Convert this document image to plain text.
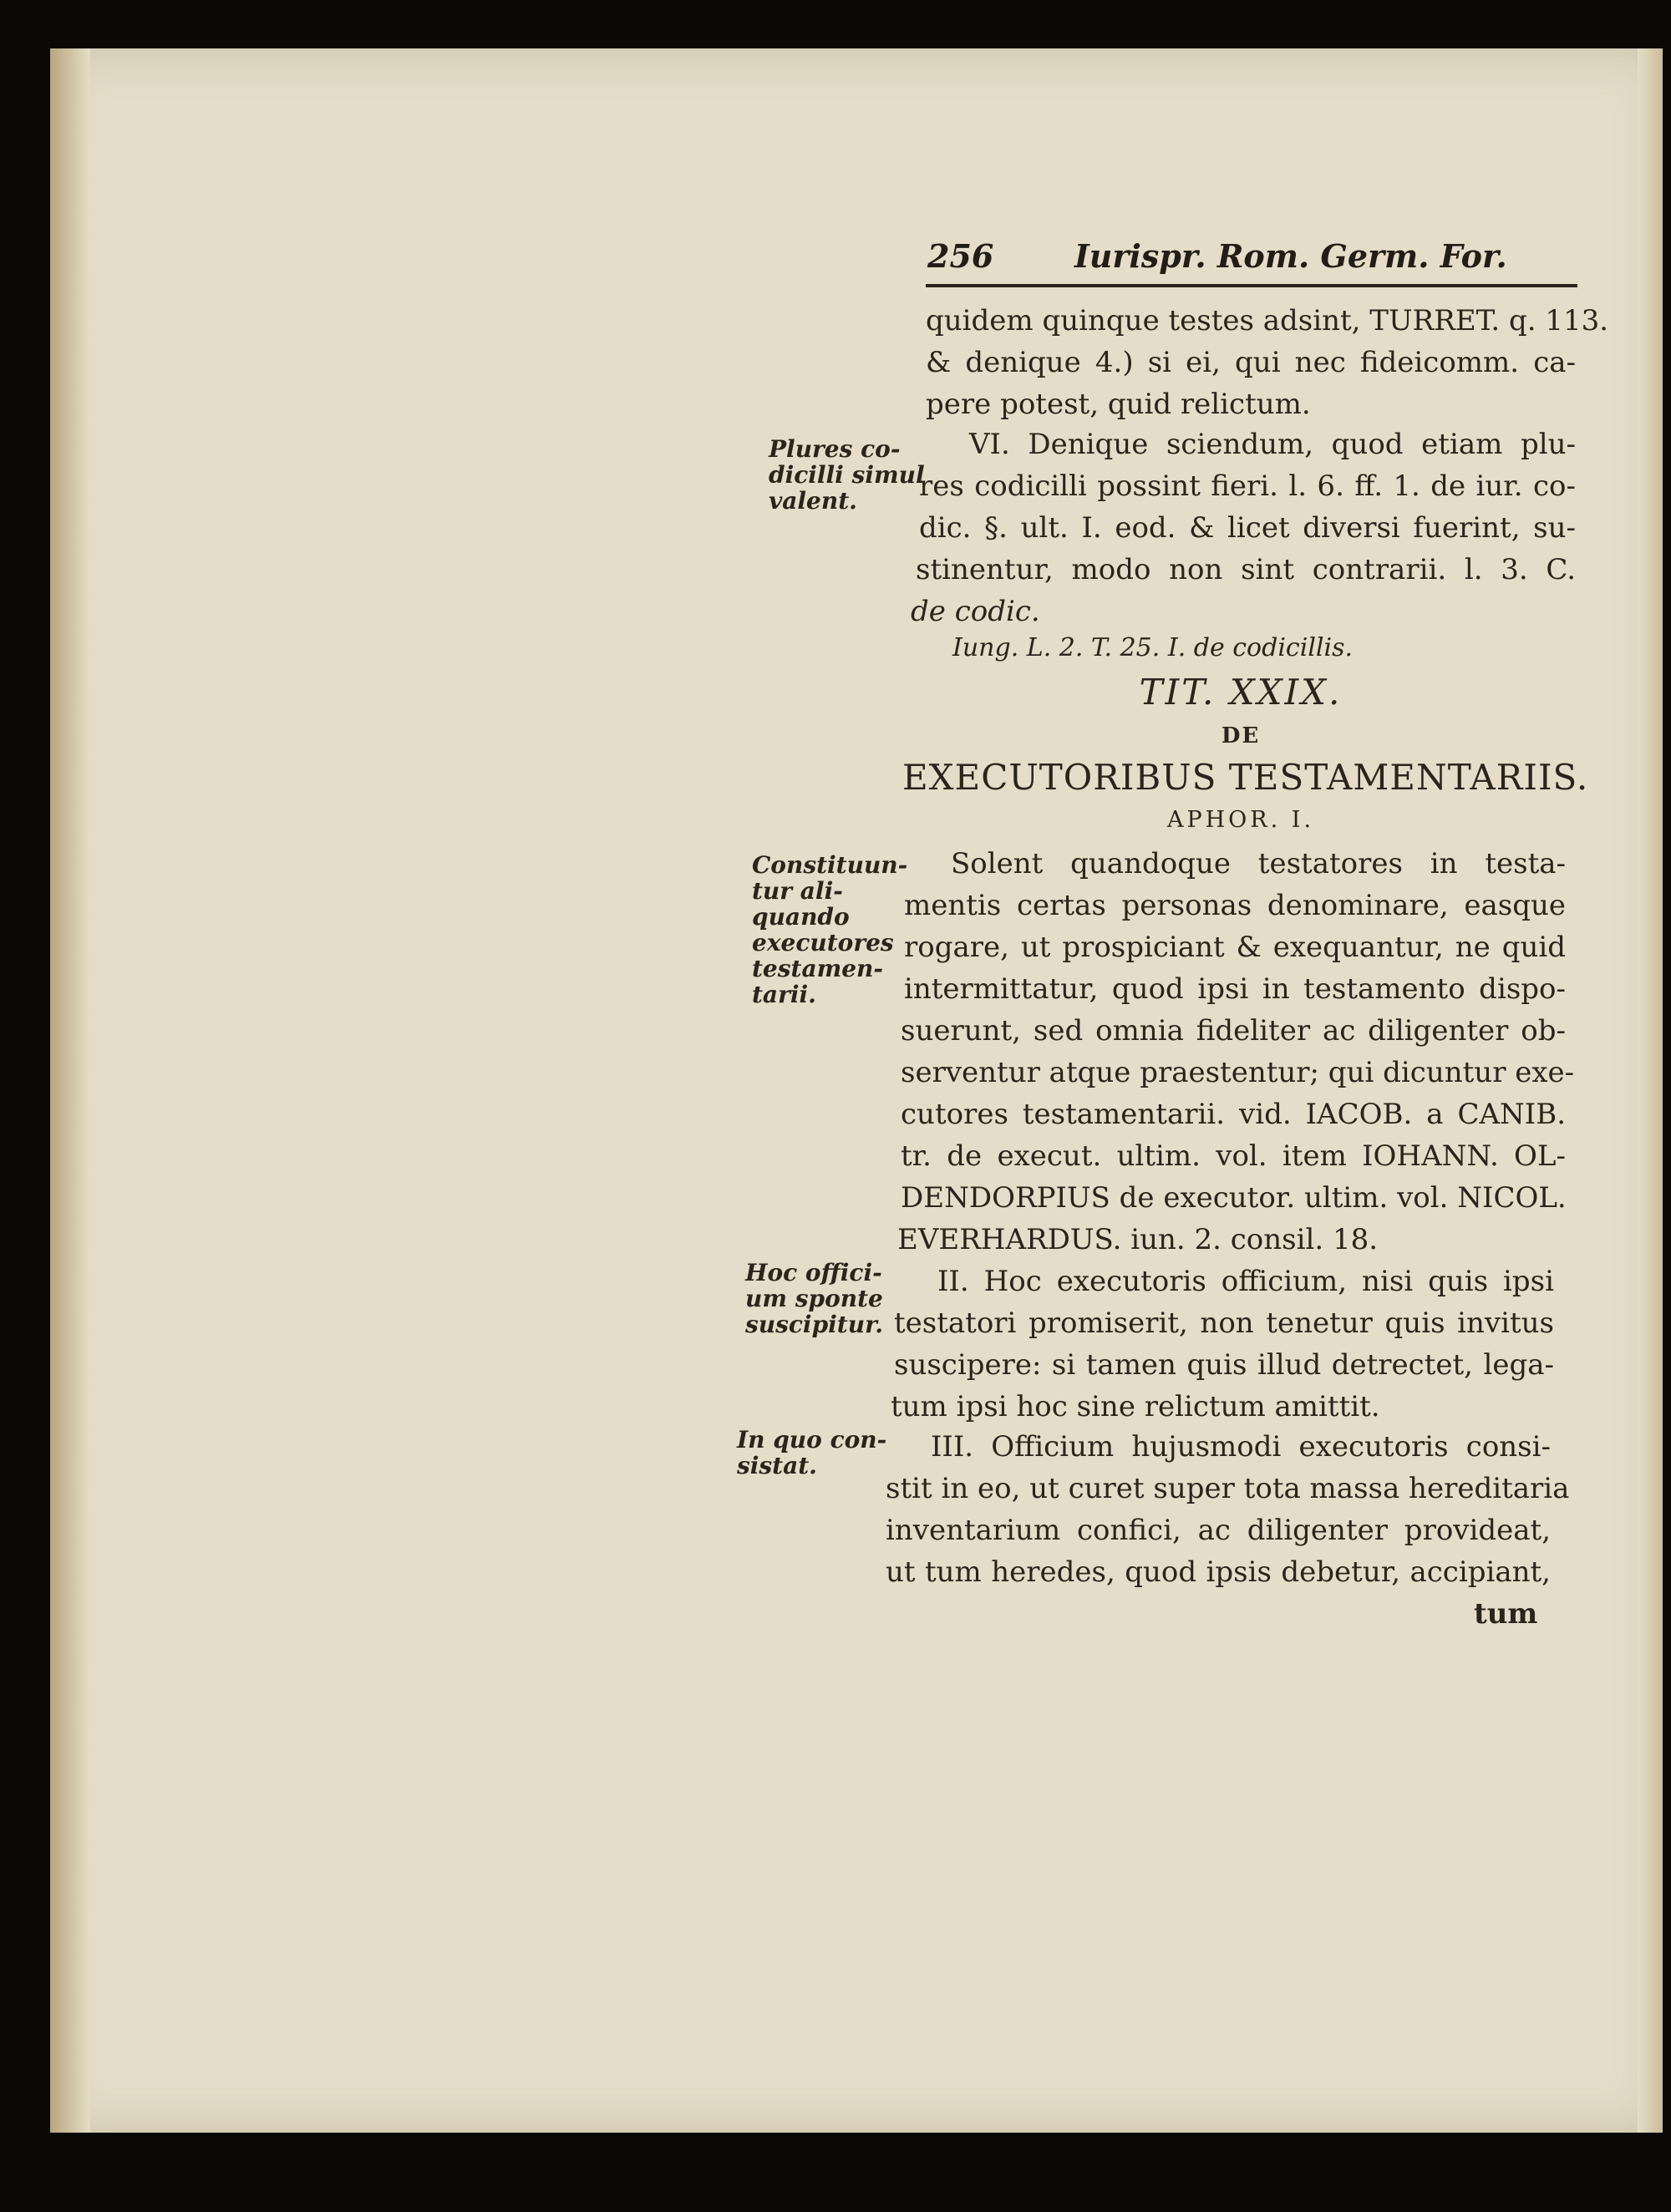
256	Iurispr. Rom. Germ. For.
quidem quinque testes adsint, TURRET. q. 113.
& denique 4.) si ei, qui nec fideicomm. ca-
pere potest, quid relictum.
Plures co-
dicilli simul
valent.
VI. Denique sciendum, quod etiam plu-
res codicilli possint fieri. l. 6. ff. 1. de iur. co-
dic. §. ult. I. eod. & licet diversi fuerint, su-
stinentur, modo non sint contrarii. l. 3. C.
de codic.
Iung. L. 2. T. 25. I. de codicillis.
TIT. XXIX.
DE
EXECUTORIBUS TESTAMENTARIIS.
APHOR. I.
Constituun-
tur ali-
quando
executores
testamen-
tarii.
Solent quandoque testatores in testa-
mentis certas personas denominare, easque
rogare, ut prospiciant & exequantur, ne quid
intermittatur, quod ipsi in testamento dispo-
suerunt, sed omnia fideliter ac diligenter ob-
serventur atque praestentur; qui dicuntur exe-
cutores testamentarii. vid. IACOB. a CANIB.
tr. de execut. ultim. vol. item IOHANN. OL-
DENDORPIUS de executor. ultim. vol. NICOL.
EVERHARDUS. iun. 2. consil. 18.
Hoc offici-
um sponte
suscipitur.
II. Hoc executoris officium, nisi quis ipsi
testatori promiserit, non tenetur quis invitus
suscipere: si tamen quis illud detrectet, lega-
tum ipsi hoc sine relictum amittit.
In quo con-
sistat.
III. Officium hujusmodi executoris consi-
stit in eo, ut curet super tota massa hereditaria
inventarium confici, ac diligenter provideat,
ut tum heredes, quod ipsis debetur, accipiant,
tum
